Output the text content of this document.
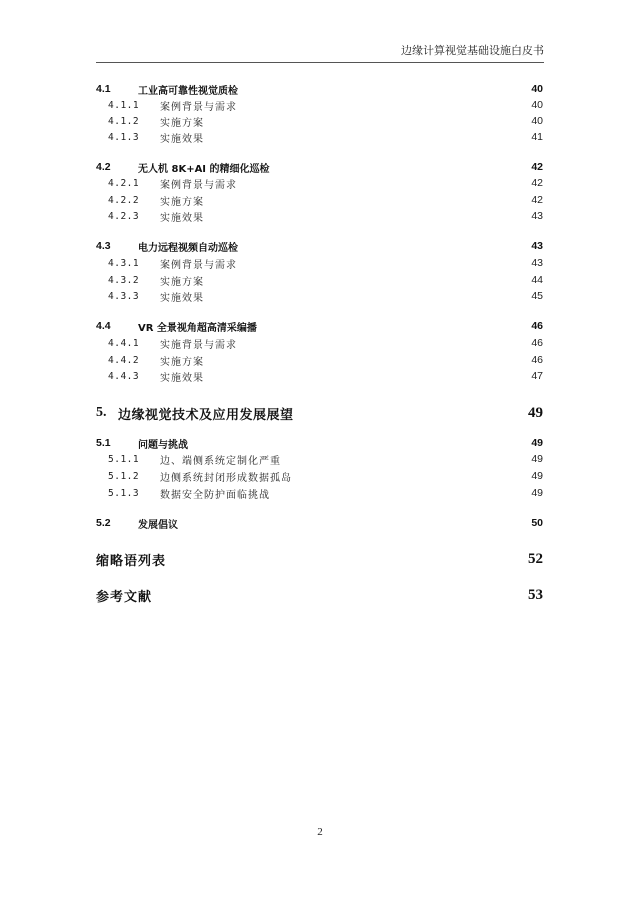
边缘计算视觉基础设施白皮书
4.1	工业高可靠性视觉质检	40
4.1.1	案例背景与需求	40
4.1.2	实施方案	40
4.1.3	实施效果	41
4.2	无人机 8K+AI 的精细化巡检	42
4.2.1	案例背景与需求	42
4.2.2	实施方案	42
4.2.3	实施效果	43
4.3	电力远程视频自动巡检	43
4.3.1	案例背景与需求	43
4.3.2	实施方案	44
4.3.3	实施效果	45
4.4	VR 全景视角超高清采编播	46
4.4.1	实施背景与需求	46
4.4.2	实施方案	46
4.4.3	实施效果	47
5. 边缘视觉技术及应用发展展望	49
5.1	问题与挑战	49
5.1.1	边、端侧系统定制化严重	49
5.1.2	边侧系统封闭形成数据孤岛	49
5.1.3	数据安全防护面临挑战	49
5.2	发展倡议	50
缩略语列表	52
参考文献	53
2
